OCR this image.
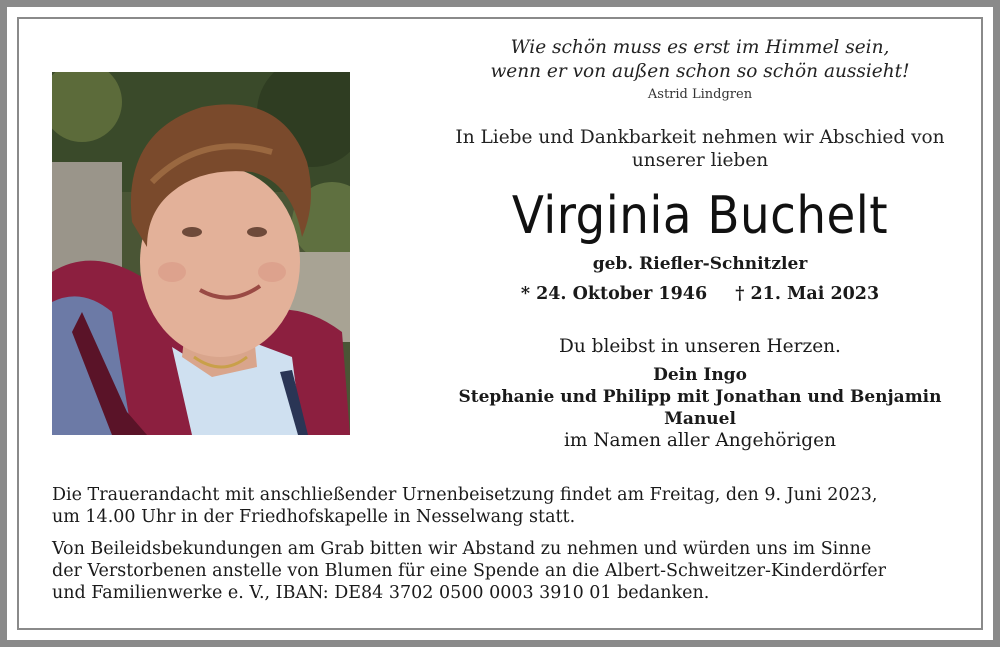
Wie schön muss es erst im Himmel sein,
wenn er von außen schon so schön aussieht!
Astrid Lindgren
In Liebe und Dankbarkeit nehmen wir Abschied von
unserer lieben
Virginia Buchelt
geb. Riefler-Schnitzler
* 24. Oktober 1946 † 21. Mai 2023
Du bleibst in unseren Herzen.
Dein Ingo
Stephanie und Philipp mit Jonathan und Benjamin
Manuel
im Namen aller Angehörigen
Die Trauerandacht mit anschließender Urnenbeisetzung findet am Freitag, den 9. Juni 2023,
um 14.00 Uhr in der Friedhofskapelle in Nesselwang statt.
Von Beileidsbekundungen am Grab bitten wir Abstand zu nehmen und würden uns im Sinne
der Verstorbenen anstelle von Blumen für eine Spende an die Albert-Schweitzer-Kinderdörfer
und Familienwerke e. V., IBAN: DE84 3702 0500 0003 3910 01 bedanken.
